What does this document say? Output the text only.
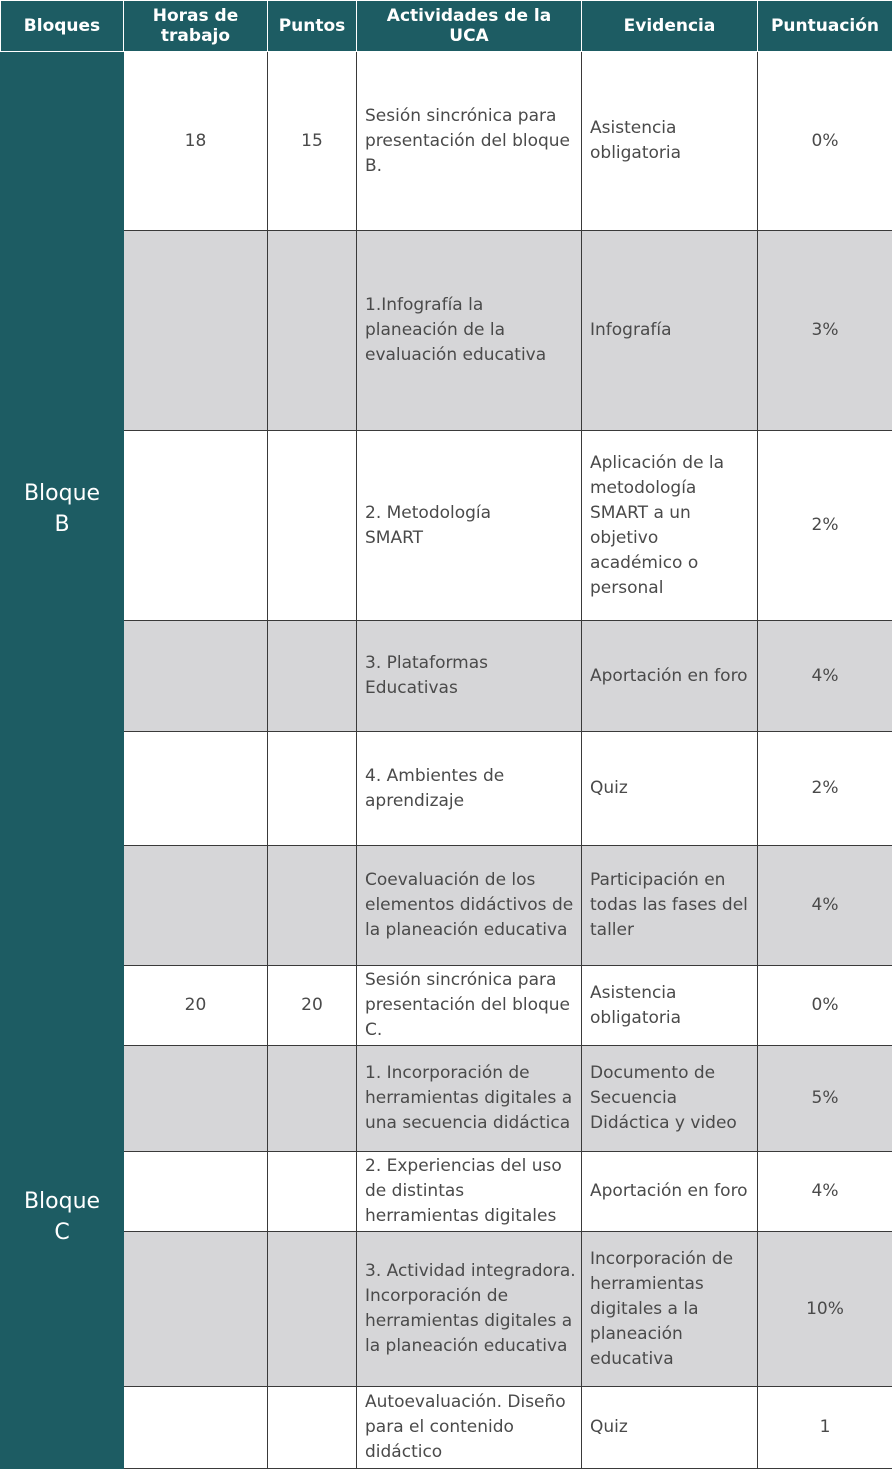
Bloques	Horas de trabajo	Puntos	Actividades de la UCA	Evidencia	Puntuación
Bloque B	18	15	Sesión sincrónica para presentación del bloque B.	Asistencia obligatoria	0%
			1.Infografía la planeación de la evaluación educativa	Infografía	3%
			2. Metodología SMART	Aplicación de la metodología SMART a un objetivo académico o personal	2%
			3. Plataformas Educativas	Aportación en foro	4%
			4. Ambientes de aprendizaje	Quiz	2%
			Coevaluación de los elementos didáctivos de la planeación educativa	Participación en todas las fases del taller	4%
Bloque C	20	20	Sesión sincrónica para presentación del bloque C.	Asistencia obligatoria	0%
			1. Incorporación de herramientas digitales a una secuencia didáctica	Documento de Secuencia Didáctica y video	5%
			2. Experiencias del uso de distintas herramientas digitales	Aportación en foro	4%
			3. Actividad integradora. Incorporación de herramientas digitales a la planeación educativa	Incorporación de herramientas digitales a la planeación educativa	10%
			Autoevaluación. Diseño para el contenido didáctico	Quiz	1
